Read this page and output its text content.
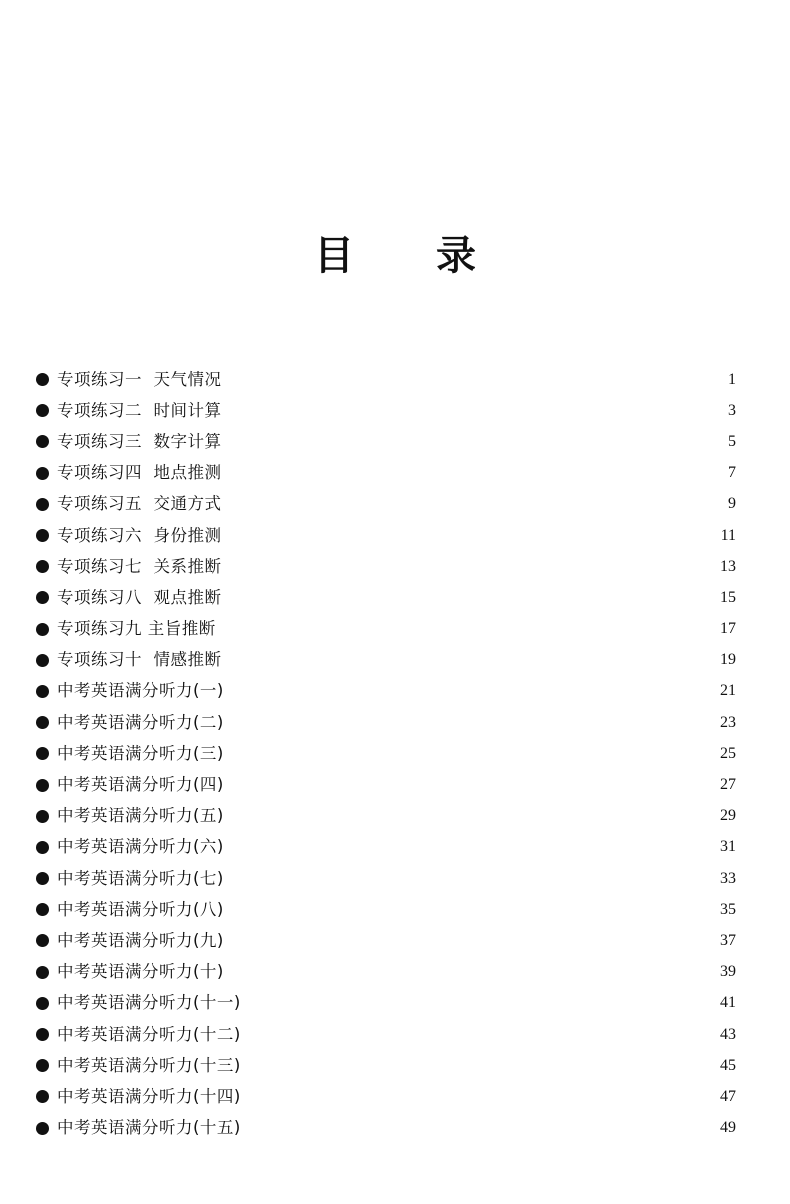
目 录
专项练习一  天气情况	1
专项练习二  时间计算	3
专项练习三  数字计算	5
专项练习四  地点推测	7
专项练习五  交通方式	9
专项练习六  身份推测	11
专项练习七  关系推断	13
专项练习八  观点推断	15
专项练习九 主旨推断	17
专项练习十  情感推断	19
中考英语满分听力(一)	21
中考英语满分听力(二)	23
中考英语满分听力(三)	25
中考英语满分听力(四)	27
中考英语满分听力(五)	29
中考英语满分听力(六)	31
中考英语满分听力(七)	33
中考英语满分听力(八)	35
中考英语满分听力(九)	37
中考英语满分听力(十)	39
中考英语满分听力(十一)	41
中考英语满分听力(十二)	43
中考英语满分听力(十三)	45
中考英语满分听力(十四)	47
中考英语满分听力(十五)	49
